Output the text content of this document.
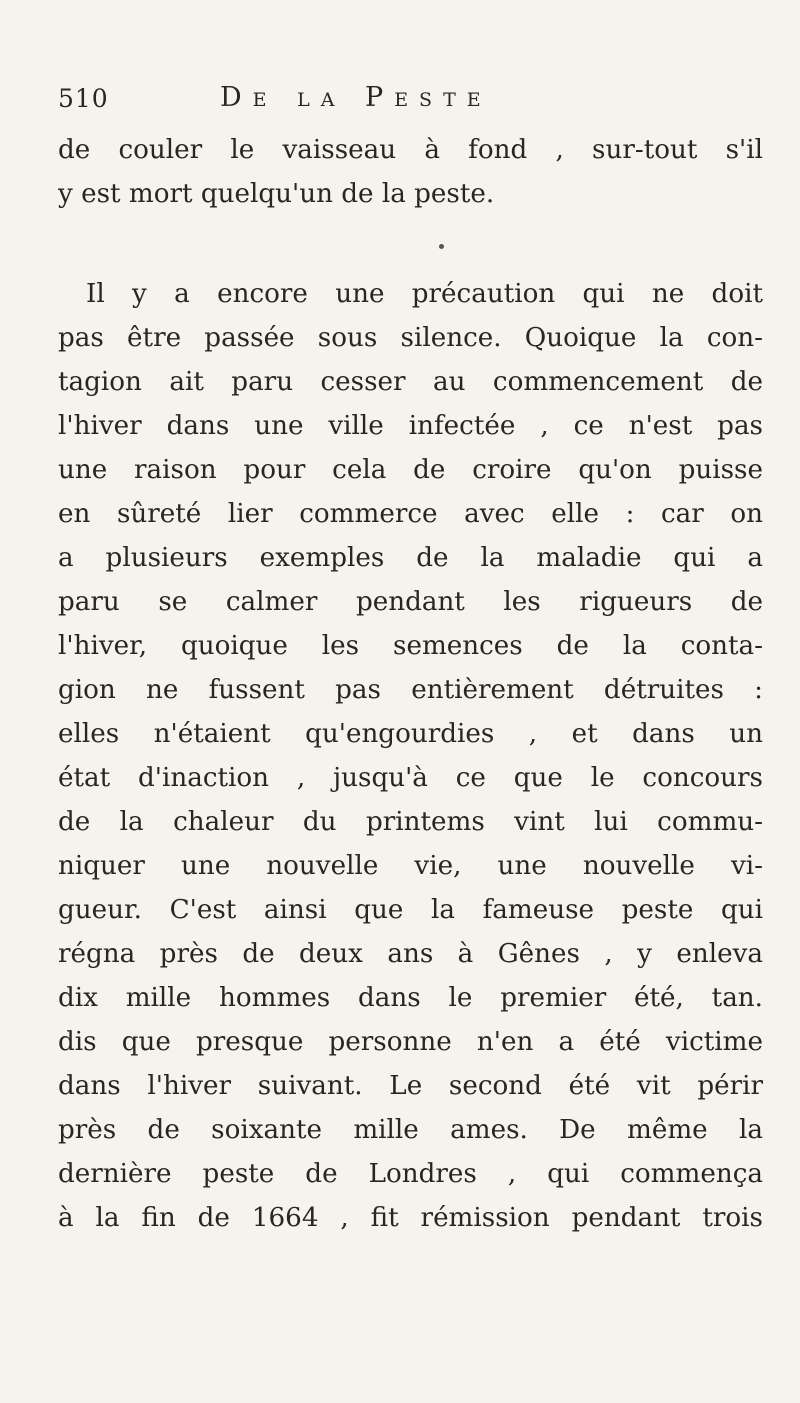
510	De la Peste
de couler le vaisseau à fond , sur-tout s'il
y est mort quelqu'un de la peste.
Il y a encore une précaution qui ne doit
pas être passée sous silence. Quoique la con-
tagion ait paru cesser au commencement de
l'hiver dans une ville infectée , ce n'est pas
une raison pour cela de croire qu'on puisse
en sûreté lier commerce avec elle : car on
a plusieurs exemples de la maladie qui a
paru se calmer pendant les rigueurs de
l'hiver, quoique les semences de la conta-
gion ne fussent pas entièrement détruites :
elles n'étaient qu'engourdies , et dans un
état d'inaction , jusqu'à ce que le concours
de la chaleur du printems vint lui commu-
niquer une nouvelle vie, une nouvelle vi-
gueur. C'est ainsi que la fameuse peste qui
régna près de deux ans à Gênes , y enleva
dix mille hommes dans le premier été, tan.
dis que presque personne n'en a été victime
dans l'hiver suivant. Le second été vit périr
près de soixante mille ames. De même la
dernière peste de Londres , qui commença
à la fin de 1664 , fit rémission pendant trois
